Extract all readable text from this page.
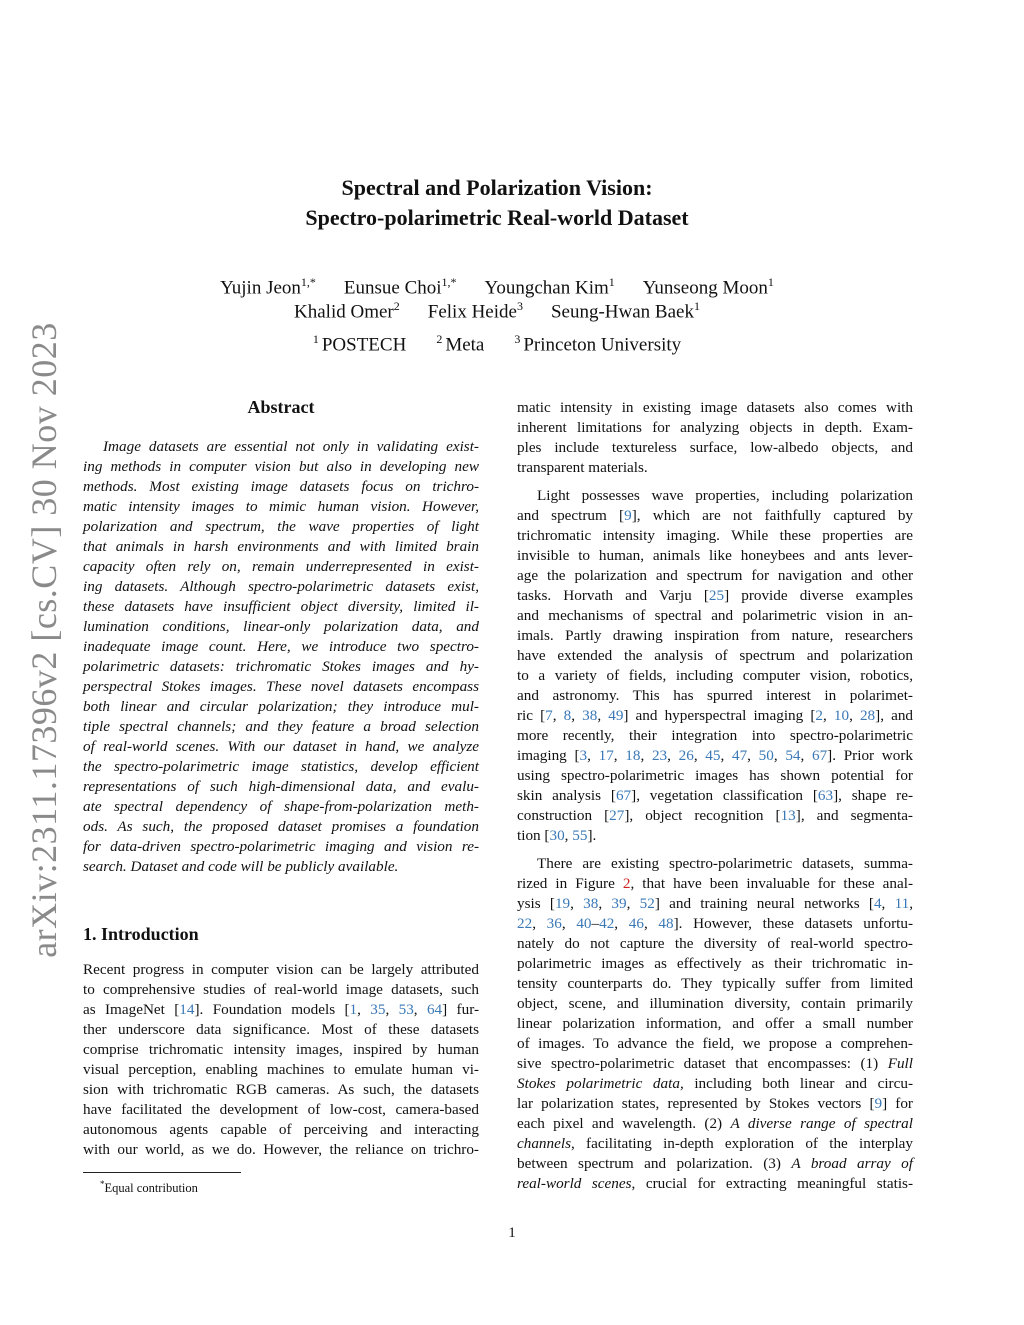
arXiv:2311.17396v2 [cs.CV] 30 Nov 2023
Spectral and Polarization Vision:
Spectro-polarimetric Real-world Dataset
Yujin Jeon$^{1,*}$ Eunsue Choi$^{1,*}$ Youngchan Kim$^1$ Yunseong Moon$^1$
Khalid Omer$^2$ Felix Heide$^3$ Seung-Hwan Baek$^1$
$^1$ POSTECH	$^2$ Meta	$^3$ Princeton University
Abstract
Image datasets are essential not only in validating exist-
ing methods in computer vision but also in developing new
methods. Most existing image datasets focus on trichro-
matic intensity images to mimic human vision. However,
polarization and spectrum, the wave properties of light
that animals in harsh environments and with limited brain
capacity often rely on, remain underrepresented in exist-
ing datasets. Although spectro-polarimetric datasets exist,
these datasets have insufficient object diversity, limited il-
lumination conditions, linear-only polarization data, and
inadequate image count. Here, we introduce two spectro-
polarimetric datasets: trichromatic Stokes images and hy-
perspectral Stokes images. These novel datasets encompass
both linear and circular polarization; they introduce mul-
tiple spectral channels; and they feature a broad selection
of real-world scenes. With our dataset in hand, we analyze
the spectro-polarimetric image statistics, develop efficient
representations of such high-dimensional data, and evalu-
ate spectral dependency of shape-from-polarization meth-
ods. As such, the proposed dataset promises a foundation
for data-driven spectro-polarimetric imaging and vision re-
search. Dataset and code will be publicly available.
1. Introduction
Recent progress in computer vision can be largely attributed
to comprehensive studies of real-world image datasets, such
as ImageNet [14]. Foundation models [1, 35, 53, 64] fur-
ther underscore data significance. Most of these datasets
comprise trichromatic intensity images, inspired by human
visual perception, enabling machines to emulate human vi-
sion with trichromatic RGB cameras. As such, the datasets
have facilitated the development of low-cost, camera-based
autonomous agents capable of perceiving and interacting
with our world, as we do. However, the reliance on trichro-
matic intensity in existing image datasets also comes with
inherent limitations for analyzing objects in depth. Exam-
ples include textureless surface, low-albedo objects, and
transparent materials.
Light possesses wave properties, including polarization
and spectrum [9], which are not faithfully captured by
trichromatic intensity imaging. While these properties are
invisible to human, animals like honeybees and ants lever-
age the polarization and spectrum for navigation and other
tasks. Horvath and Varju [25] provide diverse examples
and mechanisms of spectral and polarimetric vision in an-
imals. Partly drawing inspiration from nature, researchers
have extended the analysis of spectrum and polarization
to a variety of fields, including computer vision, robotics,
and astronomy. This has spurred interest in polarimet-
ric [7, 8, 38, 49] and hyperspectral imaging [2, 10, 28], and
more recently, their integration into spectro-polarimetric
imaging [3, 17, 18, 23, 26, 45, 47, 50, 54, 67]. Prior work
using spectro-polarimetric images has shown potential for
skin analysis [67], vegetation classification [63], shape re-
construction [27], object recognition [13], and segmenta-
tion [30, 55].
There are existing spectro-polarimetric datasets, summa-
rized in Figure 2, that have been invaluable for these anal-
ysis [19, 38, 39, 52] and training neural networks [4, 11,
22, 36, 40–42, 46, 48]. However, these datasets unfortu-
nately do not capture the diversity of real-world spectro-
polarimetric images as effectively as their trichromatic in-
tensity counterparts do. They typically suffer from limited
object, scene, and illumination diversity, contain primarily
linear polarization information, and offer a small number
of images. To advance the field, we propose a comprehen-
sive spectro-polarimetric dataset that encompasses: (1) Full
Stokes polarimetric data, including both linear and circu-
lar polarization states, represented by Stokes vectors [9] for
each pixel and wavelength. (2) A diverse range of spectral
channels, facilitating in-depth exploration of the interplay
between spectrum and polarization. (3) A broad array of
real-world scenes, crucial for extracting meaningful statis-
*Equal contribution
1
